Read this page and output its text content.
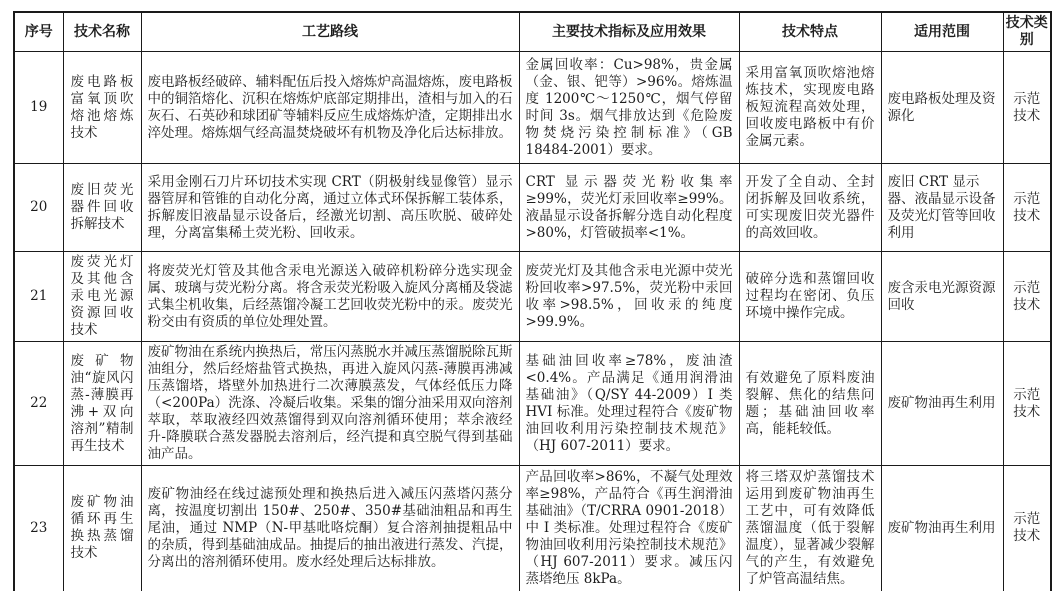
序号	技术名称	工艺路线	主要技术指标及应用效果	技术特点	适用范围	技术类别
19	废电路板富氧顶吹熔池熔炼技术	废电路板经破碎、辅料配伍后投入熔炼炉高温熔炼，废电路板中的铜箔熔化、沉积在熔炼炉底部定期排出，渣相与加入的石灰石、石英砂和球团矿等辅料反应生成熔炼炉渣，定期排出水淬处理。熔炼烟气经高温焚烧破坏有机物及净化后达标排放。	金属回收率：Cu>98%，贵金属（金、银、钯等）>96%。熔炼温度 1200℃～1250℃，烟气停留时间 3s。烟气排放达到《危险废物焚烧污染控制标准》（GB 18484-2001）要求。	采用富氧顶吹熔池熔炼技术，实现废电路板短流程高效处理，回收废电路板中有价金属元素。	废电路板处理及资源化	示范技术
20	废旧荧光器件回收拆解技术	采用金刚石刀片环切技术实现 CRT（阴极射线显像管）显示器管屏和管锥的自动化分离，通过立体式环保拆解工装体系，拆解废旧液晶显示设备后，经激光切割、高压吹脱、破碎处理，分离富集稀土荧光粉、回收汞。	CRT 显示器荧光粉收集率≥99%，荧光灯汞回收率≥99%。液晶显示设备拆解分选自动化程度>80%，灯管破损率<1%。	开发了全自动、全封闭拆解及回收系统，可实现废旧荧光器件的高效回收。	废旧 CRT 显示器、液晶显示设备及荧光灯管等回收利用	示范技术
21	废荧光灯及其他含汞电光源资源回收技术	将废荧光灯管及其他含汞电光源送入破碎机粉碎分选实现金属、玻璃与荧光粉分离。将含汞荧光粉吸入旋风分离桶及袋滤式集尘机收集，后经蒸馏冷凝工艺回收荧光粉中的汞。废荧光粉交由有资质的单位处理处置。	废荧光灯及其他含汞电光源中荧光粉回收率>97.5%，荧光粉中汞回收率>98.5%，回收汞的纯度>99.9%。	破碎分选和蒸馏回收过程均在密闭、负压环境中操作完成。	废含汞电光源资源回收	示范技术
22	废矿物油“旋风闪蒸-薄膜再沸+双向溶剂”精制再生技术	废矿物油在系统内换热后，常压闪蒸脱水并减压蒸馏脱除瓦斯油组分，然后经熔盐管式换热，再进入旋风闪蒸-薄膜再沸减压蒸馏塔，塔壁外加热进行二次薄膜蒸发，气体经低压力降（<200Pa）洗涤、冷凝后收集。采集的馏分油采用双向溶剂萃取，萃取液经四效蒸馏得到双向溶剂循环使用；萃余液经升-降膜联合蒸发器脱去溶剂后，经汽提和真空脱气得到基础油产品。	基础油回收率≥78%，废油渣<0.4%。产品满足《通用润滑油基础油》（Q/SY 44-2009）I 类 HVI 标准。处理过程符合《废矿物油回收利用污染控制技术规范》（HJ 607-2011）要求。	有效避免了原料废油裂解、焦化的结焦问题；基础油回收率高，能耗较低。	废矿物油再生利用	示范技术
23	废矿物油循环再生换热蒸馏技术	废矿物油经在线过滤预处理和换热后进入减压闪蒸塔闪蒸分离，按温度切割出 150#、250#、350#基础油粗品和再生尾油，通过 NMP（N-甲基吡咯烷酮）复合溶剂抽提粗品中的杂质，得到基础油成品。抽提后的抽出液进行蒸发、汽提，分离出的溶剂循环使用。废水经处理后达标排放。	产品回收率>86%，不凝气处理效率≥98%，产品符合《再生润滑油基础油》（T/CRRA 0901-2018）中 I 类标准。处理过程符合《废矿物油回收利用污染控制技术规范》（HJ 607-2011）要求。减压闪蒸塔绝压 8kPa。	将三塔双炉蒸馏技术运用到废矿物油再生工艺中，可有效降低蒸馏温度（低于裂解温度），显著减少裂解气的产生，有效避免了炉管高温结焦。	废矿物油再生利用	示范技术
